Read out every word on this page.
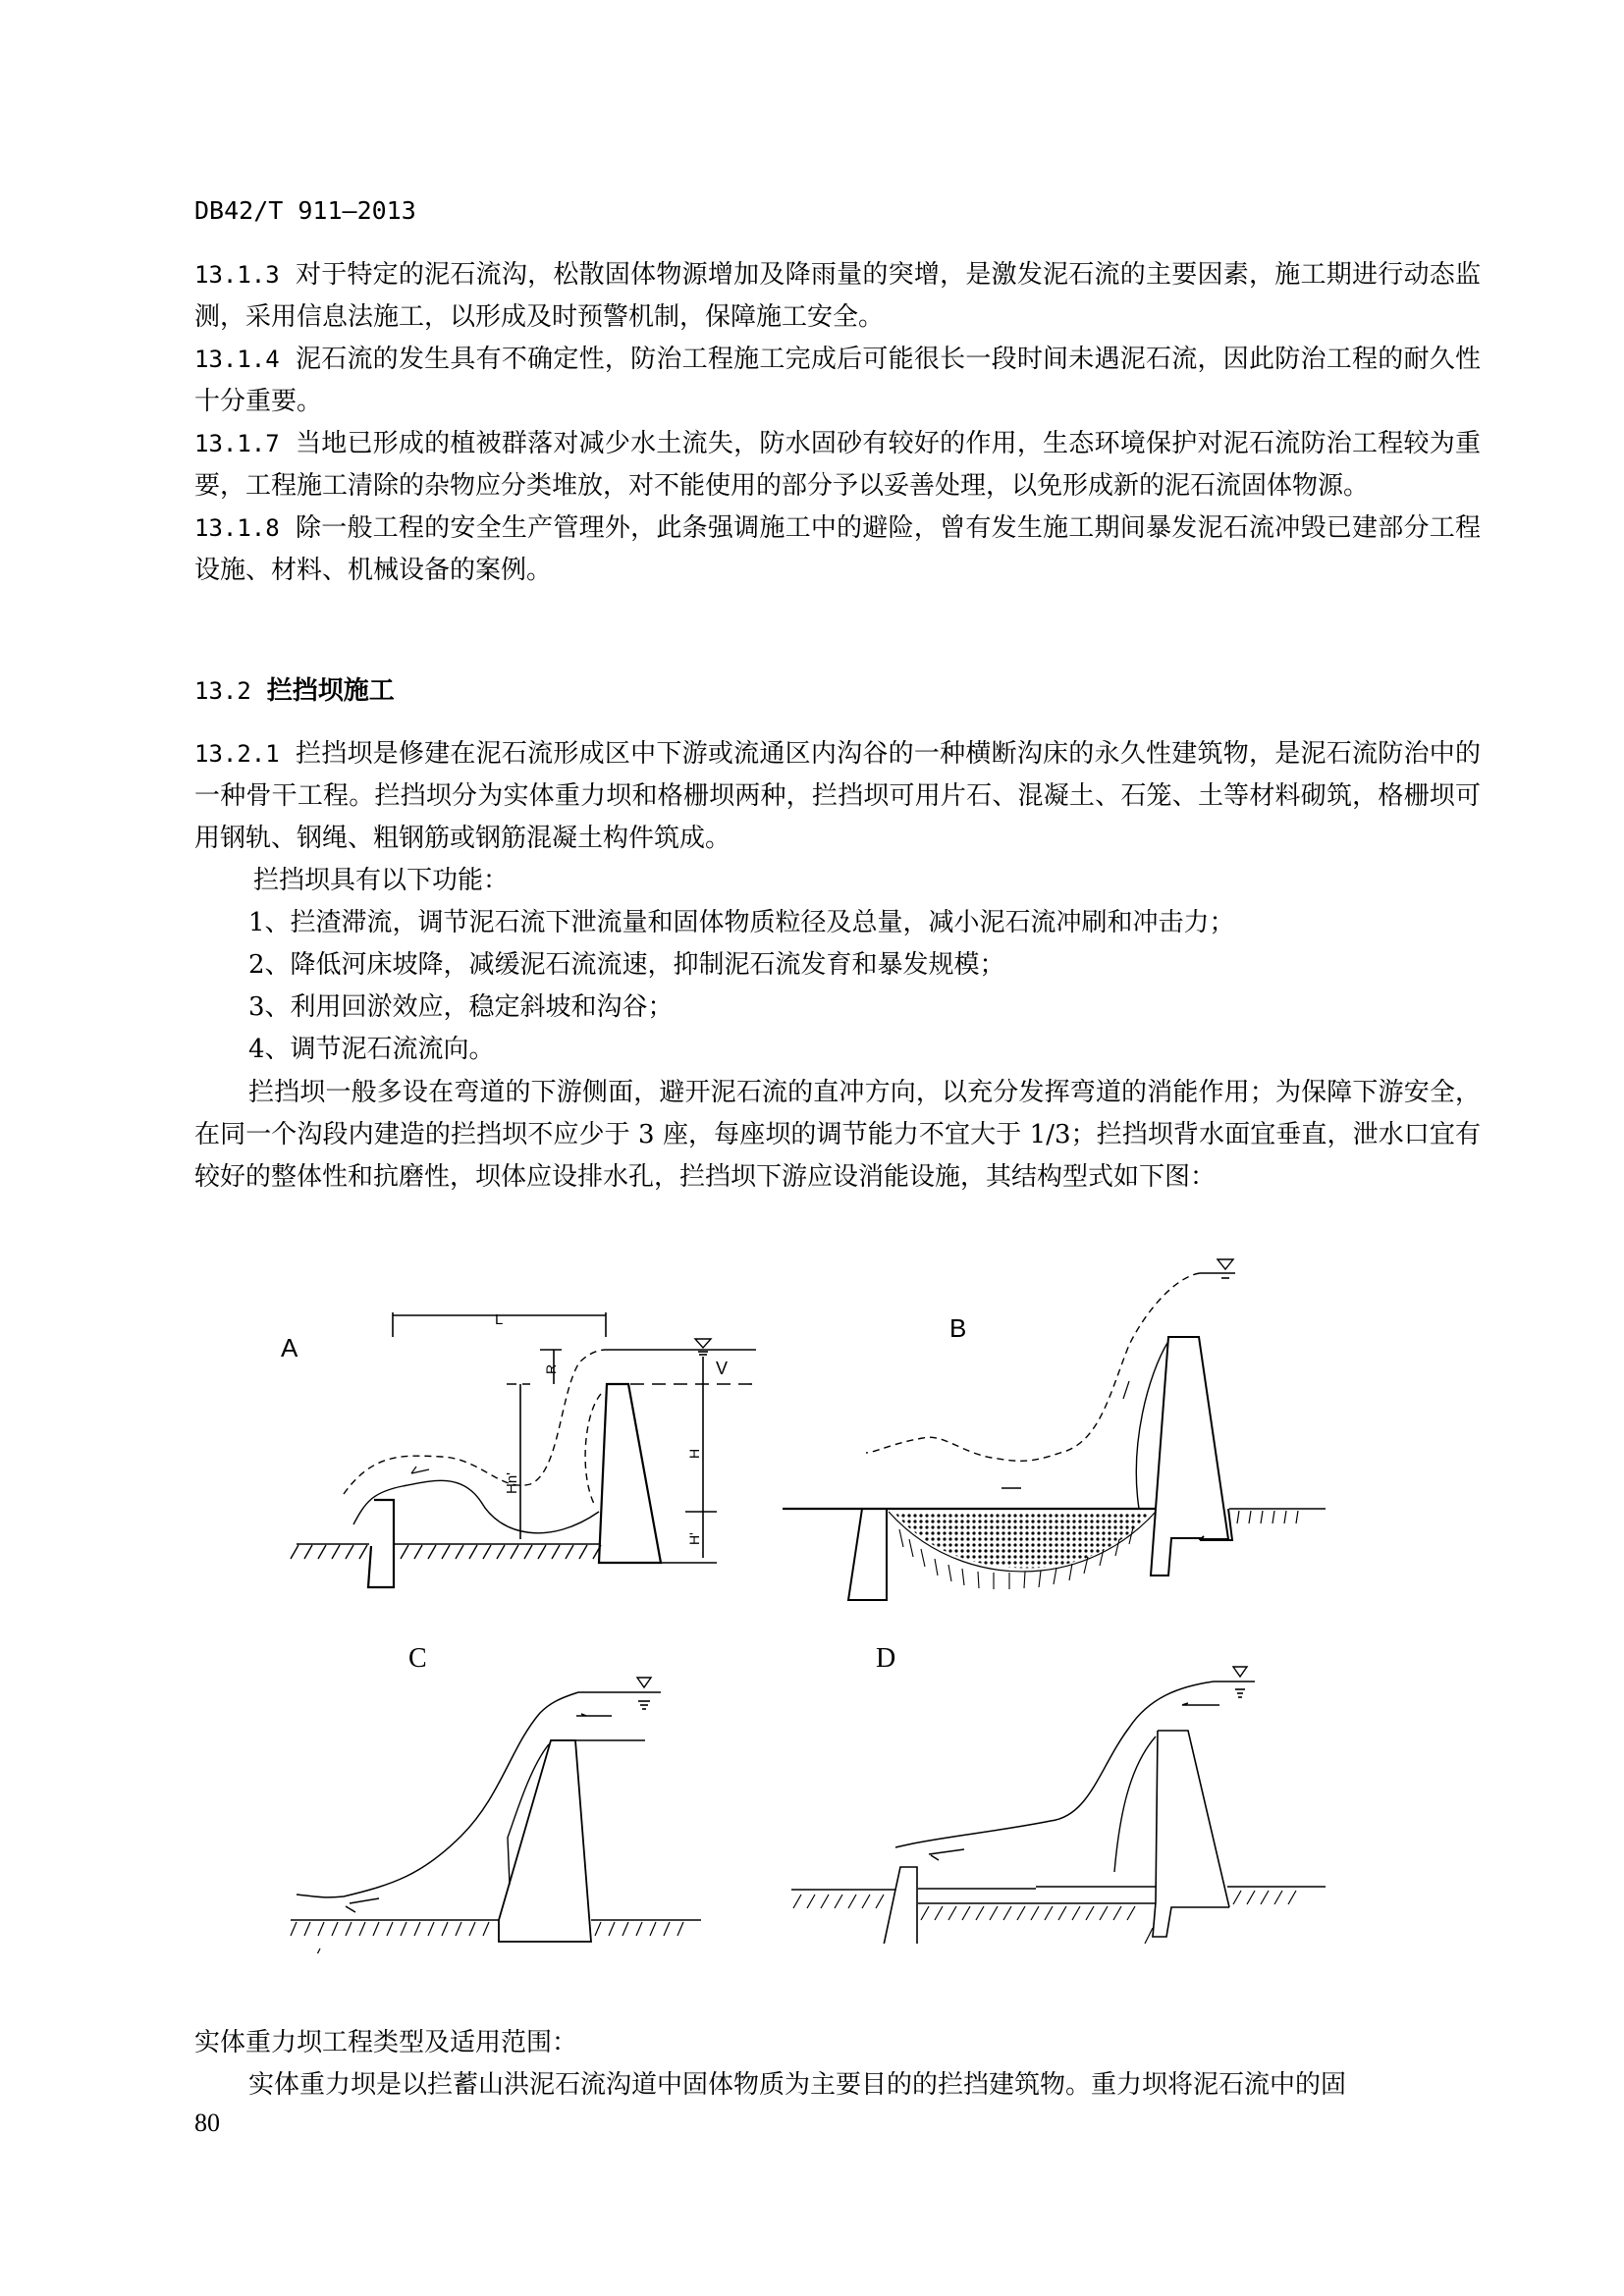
DB42/T 911—2013

13.1.3 对于特定的泥石流沟，松散固体物源增加及降雨量的突增，是激发泥石流的主要因素，施工期进行动态监测，采用信息法施工，以形成及时预警机制，保障施工安全。

13.1.4 泥石流的发生具有不确定性，防治工程施工完成后可能很长一段时间未遇泥石流，因此防治工程的耐久性十分重要。

13.1.7 当地已形成的植被群落对减少水土流失，防水固砂有较好的作用，生态环境保护对泥石流防治工程较为重要，工程施工清除的杂物应分类堆放，对不能使用的部分予以妥善处理，以免形成新的泥石流固体物源。

13.1.8 除一般工程的安全生产管理外，此条强调施工中的避险，曾有发生施工期间暴发泥石流冲毁已建部分工程设施、材料、机械设备的案例。

13.2 拦挡坝施工

13.2.1 拦挡坝是修建在泥石流形成区中下游或流通区内沟谷的一种横断沟床的永久性建筑物，是泥石流防治中的一种骨干工程。拦挡坝分为实体重力坝和格栅坝两种，拦挡坝可用片石、混凝土、石笼、土等材料砌筑，格栅坝可用钢轨、钢绳、粗钢筋或钢筋混凝土构件筑成。

拦挡坝具有以下功能：

1、拦渣滞流，调节泥石流下泄流量和固体物质粒径及总量，减小泥石流冲刷和冲击力；

2、降低河床坡降，减缓泥石流流速，抑制泥石流发育和暴发规模；

3、利用回淤效应，稳定斜坡和沟谷；

4、调节泥石流流向。

拦挡坝一般多设在弯道的下游侧面，避开泥石流的直冲方向，以充分发挥弯道的消能作用；为保障下游安全，在同一个沟段内建造的拦挡坝不应少于 3 座，每座坝的调节能力不宜大于 1/3；拦挡坝背水面宜垂直，泄水口宜有较好的整体性和抗磨性，坝体应设排水孔，拦挡坝下游应设消能设施，其结构型式如下图：

A
L
R	V
Hn'
H
H'
B
C	D

实体重力坝工程类型及适用范围：

实体重力坝是以拦蓄山洪泥石流沟道中固体物质为主要目的的拦挡建筑物。重力坝将泥石流中的固

80
